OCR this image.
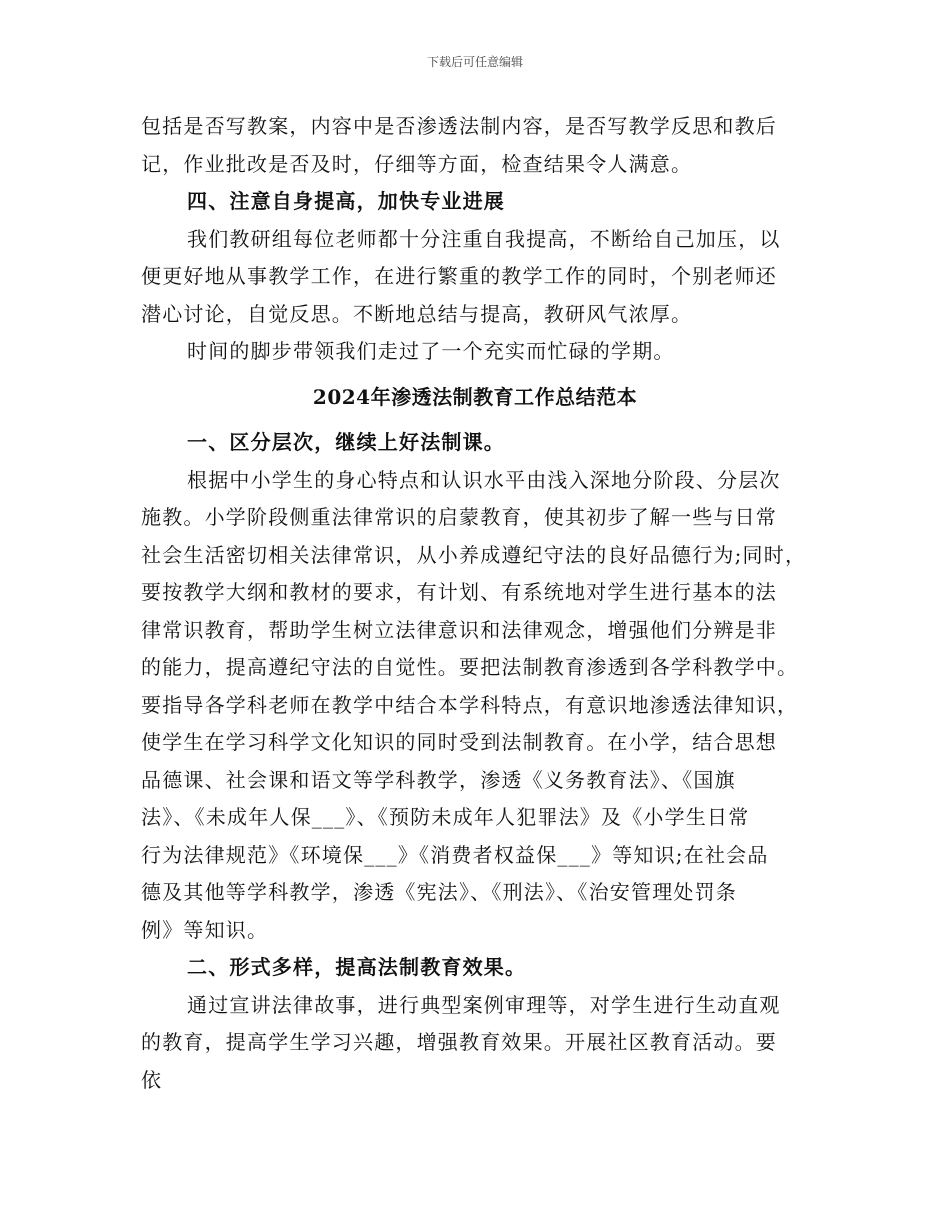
下载后可任意编辑
包括是否写教案，内容中是否渗透法制内容，是否写教学反思和教后
记，作业批改是否及时，仔细等方面，检查结果令人满意。
四、注意自身提高，加快专业进展
我们教研组每位老师都十分注重自我提高，不断给自己加压，以
便更好地从事教学工作，在进行繁重的教学工作的同时，个别老师还
潜心讨论，自觉反思。不断地总结与提高，教研风气浓厚。
时间的脚步带领我们走过了一个充实而忙碌的学期。
2024年渗透法制教育工作总结范本
一、区分层次，继续上好法制课。
根据中小学生的身心特点和认识水平由浅入深地分阶段、分层次
施教。小学阶段侧重法律常识的启蒙教育，使其初步了解一些与日常
社会生活密切相关法律常识，从小养成遵纪守法的良好品德行为;同时，
要按教学大纲和教材的要求，有计划、有系统地对学生进行基本的法
律常识教育，帮助学生树立法律意识和法律观念，增强他们分辨是非
的能力，提高遵纪守法的自觉性。要把法制教育渗透到各学科教学中。
要指导各学科老师在教学中结合本学科特点，有意识地渗透法律知识，
使学生在学习科学文化知识的同时受到法制教育。在小学，结合思想
品德课、社会课和语文等学科教学，渗透《义务教育法》、《国旗
法》、《未成年人保___》、《预防未成年人犯罪法》及《小学生日常
行为法律规范》《环境保___》《消费者权益保___》等知识;在社会品
德及其他等学科教学，渗透《宪法》、《刑法》、《治安管理处罚条
例》等知识。
二、形式多样，提高法制教育效果。
通过宣讲法律故事，进行典型案例审理等，对学生进行生动直观
的教育，提高学生学习兴趣，增强教育效果。开展社区教育活动。要
依
